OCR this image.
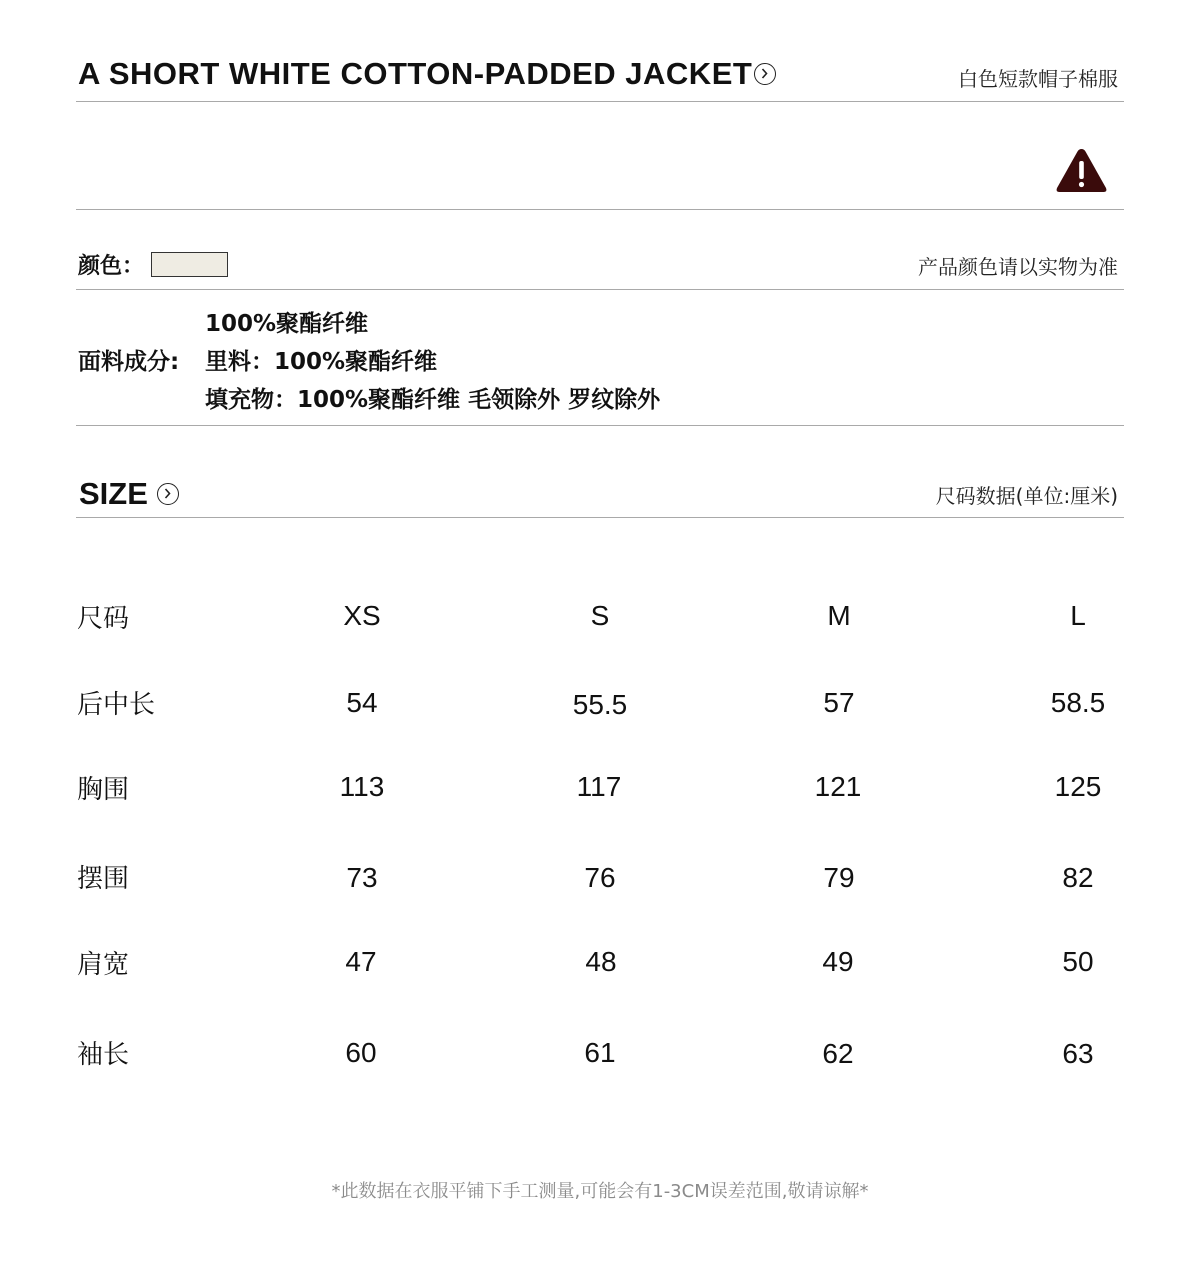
A SHORT WHITE COTTON-PADDED JACKET	白色短款帽子棉服
颜色：	产品颜色请以实物为准
面料成分:
100%聚酯纤维
里料：100%聚酯纤维
填充物：100%聚酯纤维 毛领除外 罗纹除外
SIZE	尺码数据(单位:厘米)
尺码	XS	S	M	L
后中长	54	55.5	57	58.5
胸围	113	117	121	125
摆围	73	76	79	82
肩宽	47	48	49	50
袖长	60	61	62	63
*此数据在衣服平铺下手工测量,可能会有1-3CM误差范围,敬请谅解*
